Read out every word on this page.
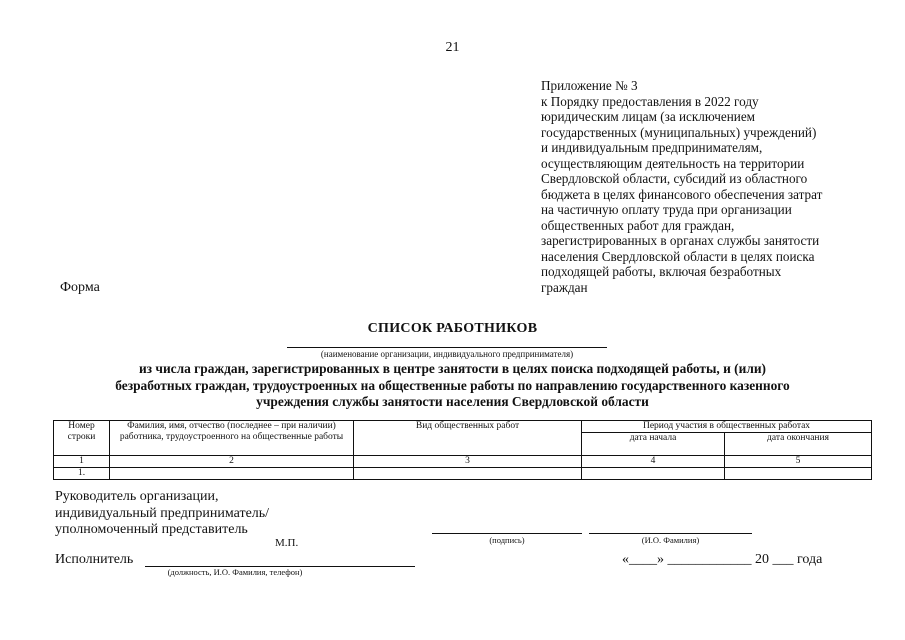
21
Приложение № 3
к Порядку предоставления в 2022 году
юридическим лицам (за исключением
государственных (муниципальных) учреждений)
и индивидуальным предпринимателям,
осуществляющим деятельность на территории
Свердловской области, субсидий из областного
бюджета в целях финансового обеспечения затрат
на частичную оплату труда при организации
общественных работ для граждан,
зарегистрированных в органах службы занятости
населения Свердловской области в целях поиска
подходящей работы, включая безработных
граждан
Форма
СПИСОК РАБОТНИКОВ
(наименование организации, индивидуального предпринимателя)
из числа граждан, зарегистрированных в центре занятости в целях поиска подходящей работы, и (или)
безработных граждан, трудоустроенных на общественные работы по направлению государственного казенного
учреждения службы занятости населения Свердловской области
Номер строки	Фамилия, имя, отчество (последнее – при наличии) работника, трудоустроенного на общественные работы	Вид общественных работ	Период участия в общественных работах	
			дата начала	дата окончания
1	2	3	4	5
1.				
Руководитель организации,
индивидуальный предприниматель/
уполномоченный представитель
М.П.	(подпись)	(И.О. Фамилия)
Исполнитель
(должность, И.О. Фамилия, телефон)
«____» ____________ 20 ___ года
